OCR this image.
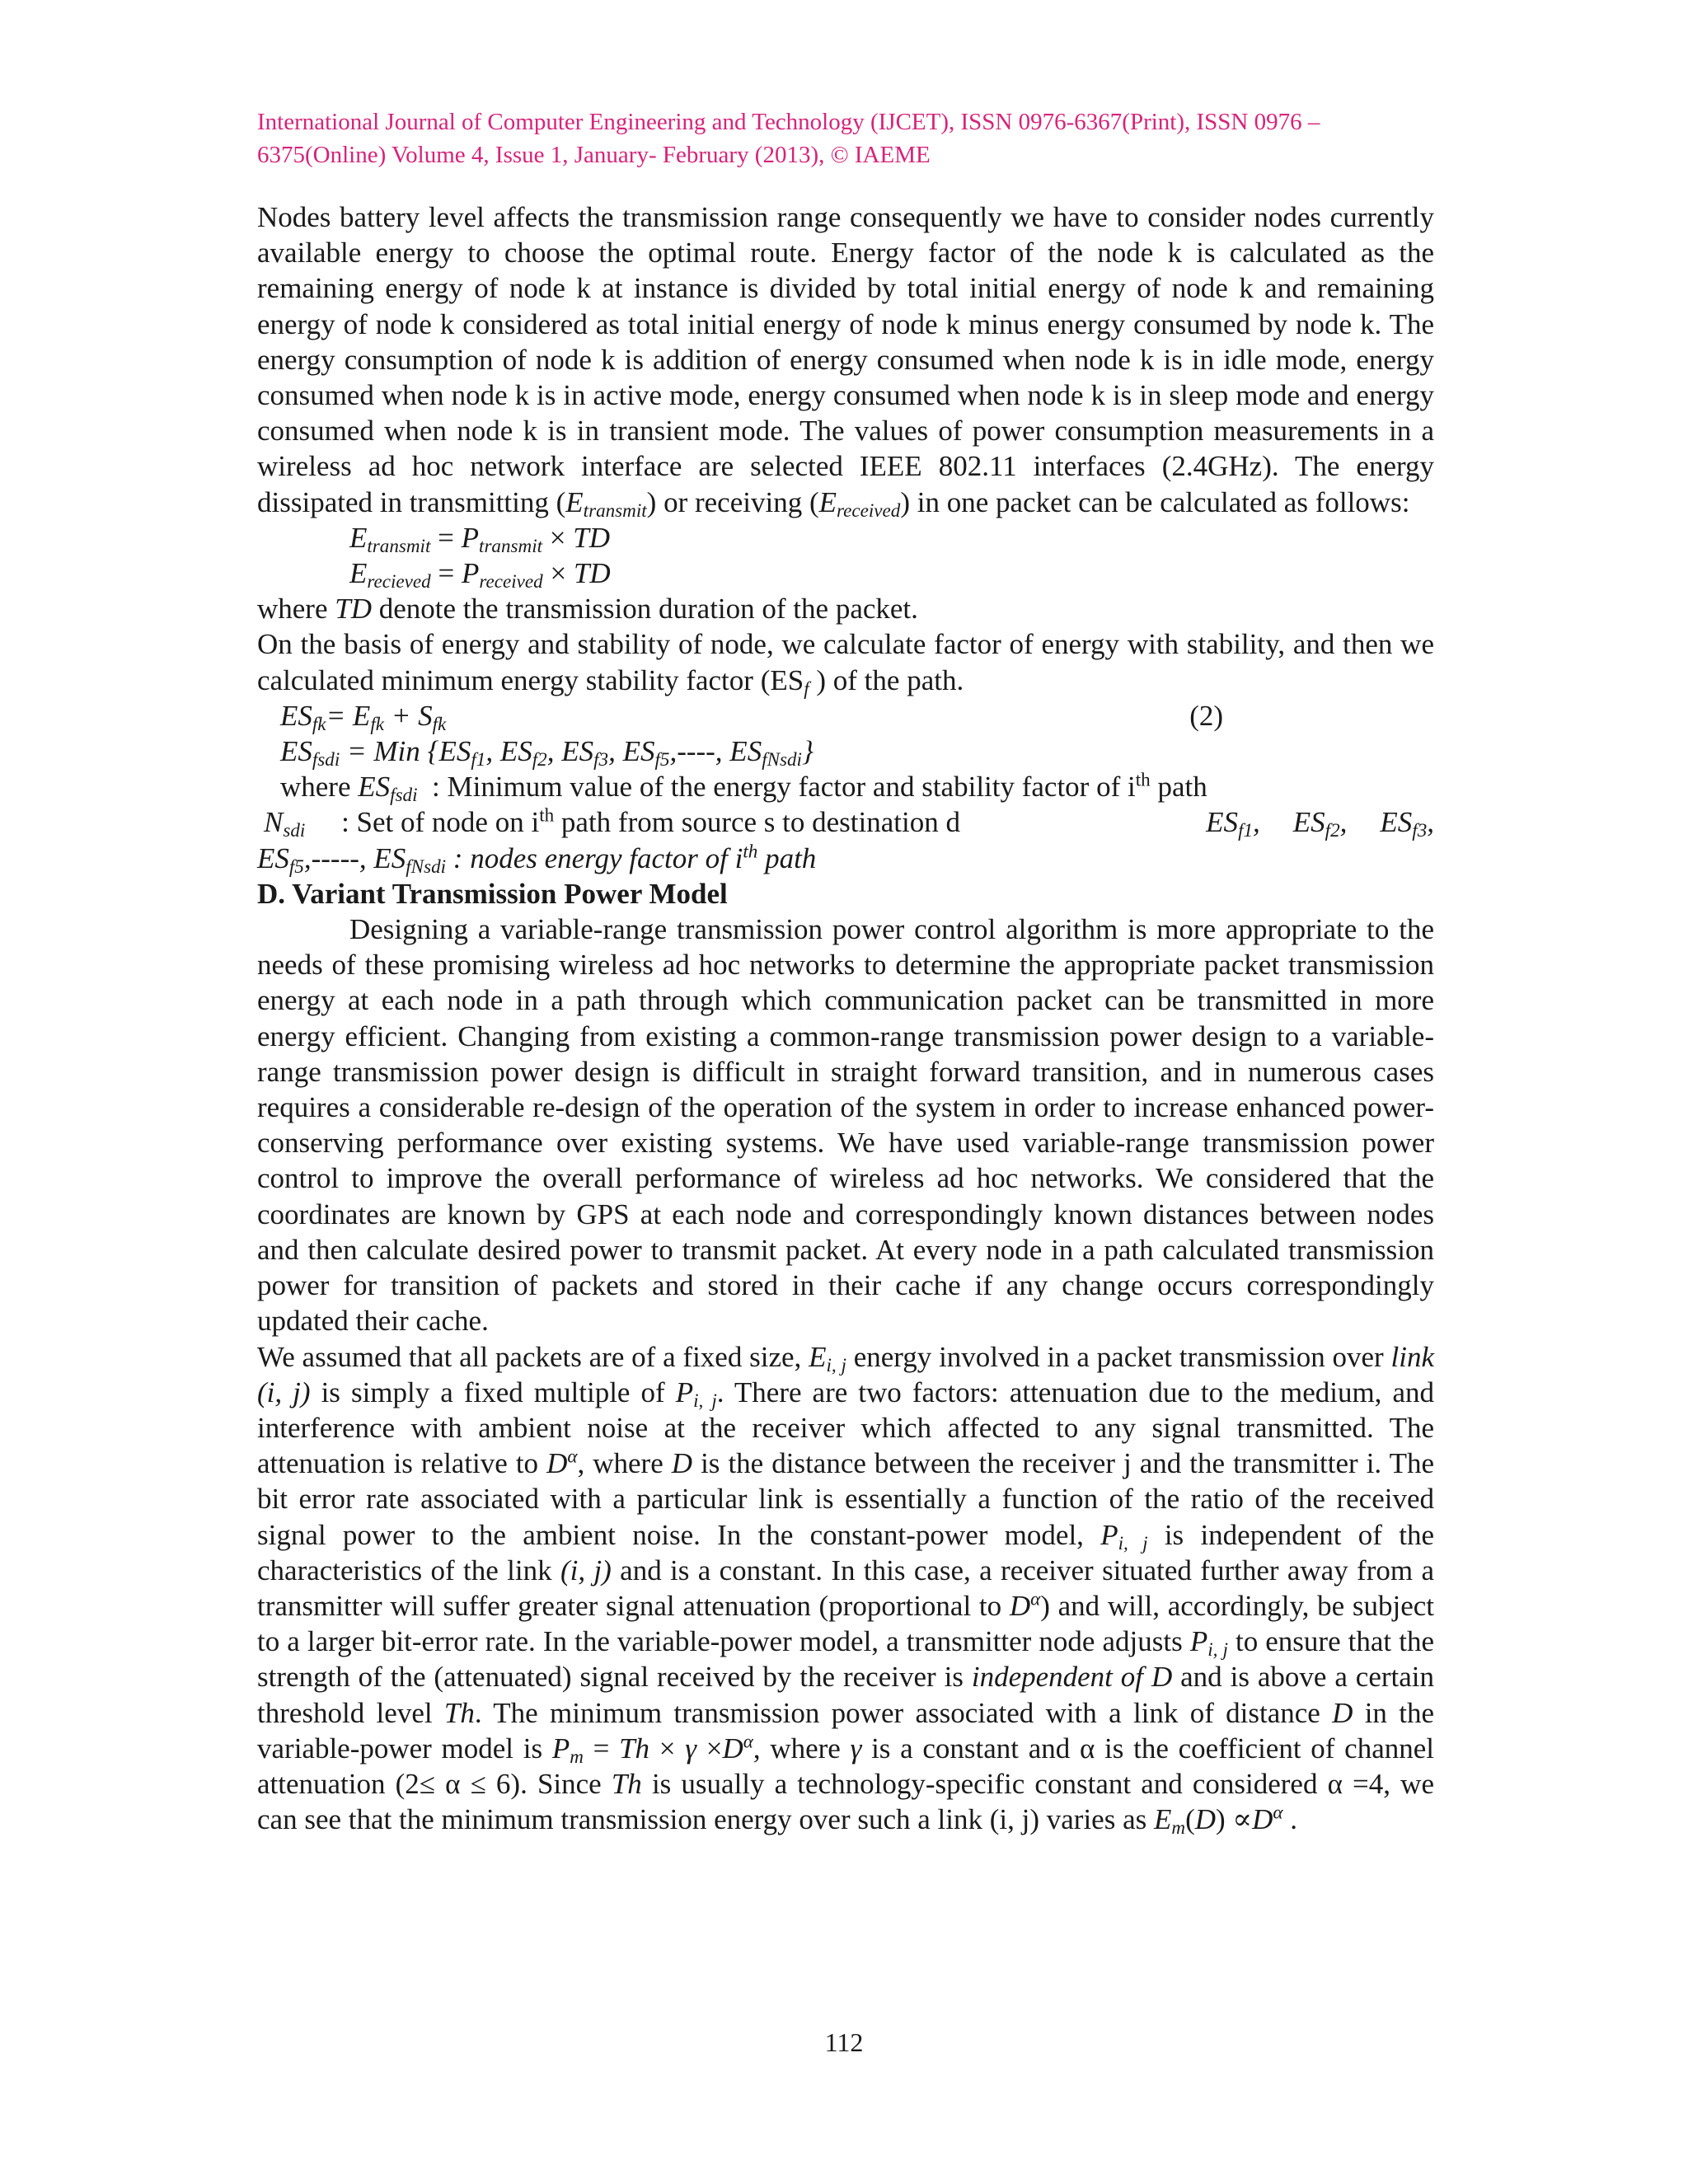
International Journal of Computer Engineering and Technology (IJCET), ISSN 0976-6367(Print), ISSN 0976 –

6375(Online) Volume 4, Issue 1, January- February (2013), © IAEME

Nodes battery level affects the transmission range consequently we have to consider nodes currently available energy to choose the optimal route. Energy factor of the node k is calculated as the remaining energy of node k at instance is divided by total initial energy of node k and remaining energy of node k considered as total initial energy of node k minus energy consumed by node k. The energy consumption of node k is addition of energy consumed when node k is in idle mode, energy consumed when node k is in active mode, energy consumed when node k is in sleep mode and energy consumed when node k is in transient mode. The values of power consumption measurements in a wireless ad hoc network interface are selected IEEE 802.11 interfaces (2.4GHz). The energy dissipated in transmitting $(E_{transmit})$ or receiving $(E_{received})$ in one packet can be calculated as follows:

$E_{transmit} = P_{transmit}$ × TD
$E_{recieved} = P_{received}$ × TD

where TD denote the transmission duration of the packet.

On the basis of energy and stability of node, we calculate factor of energy with stability, and then we calculated minimum energy stability factor ($ES_f$ ) of the path.

$ES_{fk}= E_{fk} + S_{fk}$	(2)
$ES_{fsdi}$ = Min {$ES_{f1}$, $ES_{f2}$, $ES_{f3}$, $ES_{f5},----$, $ES_{fNsdi}$}
where $ES_{fsdi}$  : Minimum value of the energy factor and stability factor of $i^{th}$ path
$N_{sdi}$     : Set of node on $i^{th}$ path from source s to destination d	$ES_{f1}$, $ES_{f2}$, $ES_{f3}$,
$ES_{f5},-----$, $ES_{fNsdi}$ : nodes energy factor of $i^{th}$ path

D. Variant Transmission Power Model

Designing a variable-range transmission power control algorithm is more appropriate to the needs of these promising wireless ad hoc networks to determine the appropriate packet transmission energy at each node in a path through which communication packet can be transmitted in more energy efficient. Changing from existing a common-range transmission power design to a variable-range transmission power design is difficult in straight forward transition, and in numerous cases requires a considerable re-design of the operation of the system in order to increase enhanced power-conserving performance over existing systems. We have used variable-range transmission power control to improve the overall performance of wireless ad hoc networks. We considered that the coordinates are known by GPS at each node and correspondingly known distances between nodes and then calculate desired power to transmit packet. At every node in a path calculated transmission power for transition of packets and stored in their cache if any change occurs correspondingly updated their cache.

We assumed that all packets are of a fixed size, $E_{i, j}$ energy involved in a packet transmission over link (i, j) is simply a fixed multiple of $P_{i, j}$. There are two factors: attenuation due to the medium, and interference with ambient noise at the receiver which affected to any signal transmitted. The attenuation is relative to $D^\alpha$, where D is the distance between the receiver j and the transmitter i. The bit error rate associated with a particular link is essentially a function of the ratio of the received signal power to the ambient noise. In the constant-power model, $P_{i, j}$ is independent of the characteristics of the link (i, j) and is a constant. In this case, a receiver situated further away from a transmitter will suffer greater signal attenuation (proportional to $D^\alpha$) and will, accordingly, be subject to a larger bit-error rate. In the variable-power model, a transmitter node adjusts $P_{i, j}$ to ensure that the strength of the (attenuated) signal received by the receiver is independent of D and is above a certain threshold level Th. The minimum transmission power associated with a link of distance D in the variable-power model is $P_m = Th \times \gamma \times D^\alpha$, where γ is a constant and α is the coefficient of channel attenuation (2≤ α ≤ 6). Since Th is usually a technology-specific constant and considered α =4, we can see that the minimum transmission energy over such a link (i, j) varies as $E_m(D) \propto D^\alpha$ .

112
